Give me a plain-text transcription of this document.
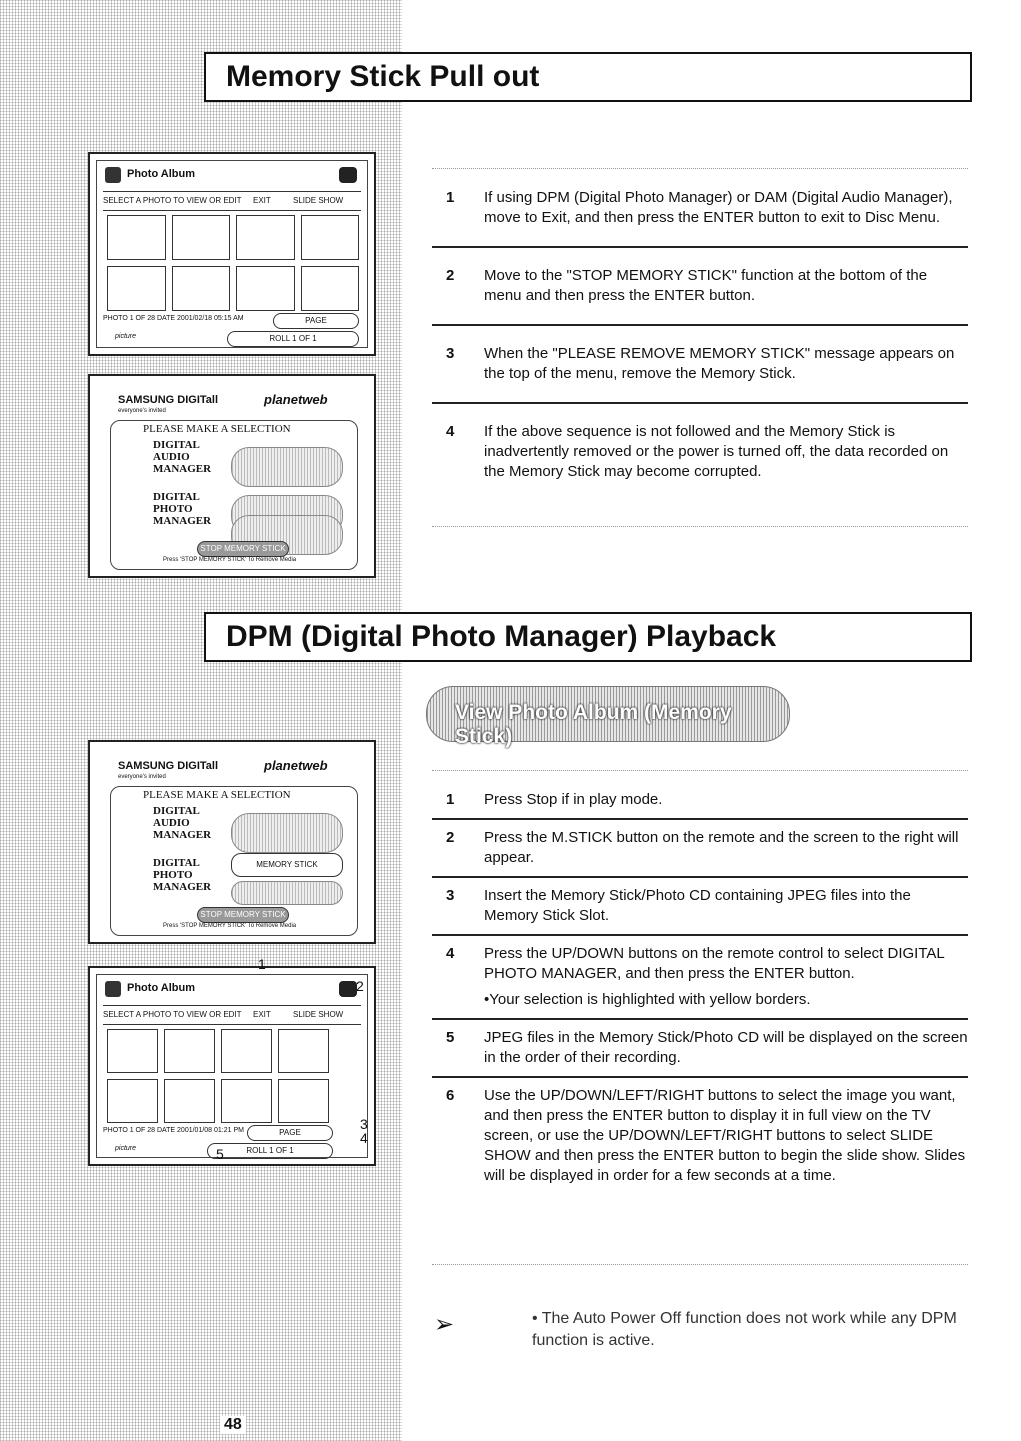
Memory Stick Pull out
Photo Album
SELECT A PHOTO TO VIEW OR EDIT EXIT	SLIDE SHOW
PHOTO 1 OF 28 DATE 2001/02/18 05:15 AM	PAGE
picture	ROLL 1 OF 1
SAMSUNG DIGITall
everyone's invited
planetweb
PLEASE MAKE A SELECTION
DIGITAL AUDIO MANAGER
DIGITAL PHOTO MANAGER
STOP MEMORY STICK
Press 'STOP MEMORY STICK' To Remove Media
1 If using DPM (Digital Photo Manager) or DAM (Digital Audio Manager), move to Exit, and then press the ENTER button to exit to Disc Menu.
2 Move to the "STOP MEMORY STICK" function at the bottom of the menu and then press the ENTER button.
3 When the "PLEASE REMOVE MEMORY STICK" message appears on the top of the menu, remove the Memory Stick.
4 If the above sequence is not followed and the Memory Stick is inadvertently removed or the power is turned off, the data recorded on the Memory Stick may become corrupted.
DPM (Digital Photo Manager) Playback
View Photo Album (Memory Stick)
SAMSUNG DIGITall
everyone's invited
planetweb
PLEASE MAKE A SELECTION
DIGITAL AUDIO MANAGER
DIGITAL PHOTO MANAGER
MEMORY STICK
STOP MEMORY STICK
Press 'STOP MEMORY STICK' To Remove Media
Photo Album
SELECT A PHOTO TO VIEW OR EDIT EXIT	SLIDE SHOW
PHOTO 1 OF 28 DATE 2001/01/08 01:21 PM	PAGE
picture	ROLL 1 OF 1
1
2
3
4
5
1 Press Stop if in play mode.
2 Press the M.STICK button on the remote and the screen to the right will appear.
3 Insert the Memory Stick/Photo CD containing JPEG files into the Memory Stick Slot.
4 Press the UP/DOWN buttons on the remote control to select DIGITAL PHOTO MANAGER, and then press the ENTER button.
•Your selection is highlighted with yellow borders.
5 JPEG files in the Memory Stick/Photo CD will be displayed on the screen in the order of their recording.
6 Use the UP/DOWN/LEFT/RIGHT buttons to select the image you want, and then press the ENTER button to display it in full view on the TV screen, or use the UP/DOWN/LEFT/RIGHT buttons to select SLIDE SHOW and then press the ENTER button to begin the slide show. Slides will be displayed in order for a few seconds at a time.
➢	• The Auto Power Off function does not work while any DPM function is active.
48
